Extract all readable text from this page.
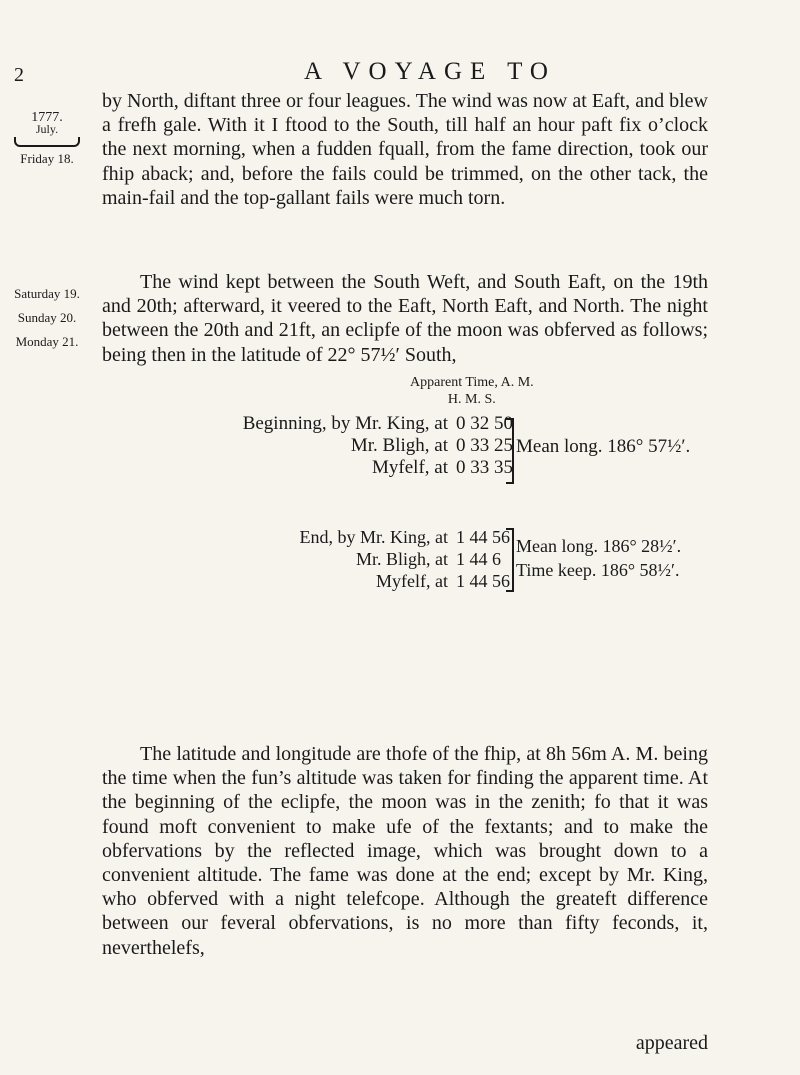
2	A VOYAGE TO
1777.
July.
Friday 18.
Saturday 19.
Sunday 20.
Monday 21.

by North, diftant three or four leagues. The wind was now at Eaft, and blew a frefh gale. With it I ftood to the South, till half an hour paft fix o’clock the next morning, when a fudden fquall, from the fame direction, took our fhip aback; and, before the fails could be trimmed, on the other tack, the main-fail and the top-gallant fails were much torn.

The wind kept between the South Weft, and South Eaft, on the 19th and 20th; afterward, it veered to the Eaft, North Eaft, and North. The night between the 20th and 21ft, an eclipfe of the moon was obferved as follows; being then in the latitude of 22° 57½′ South,

Apparent Time, A. M.
H. M. S.
Beginning, by Mr. King, at 0 32 50
Mr. Bligh, at 0 33 25
Myfelf, at 0 33 35
Mean long. 186° 57½′.
End, by Mr. King, at 1 44 56
Mr. Bligh, at 1 44 6
Myfelf, at 1 44 56
Mean long. 186° 28½′.
Time keep. 186° 58½′.

The latitude and longitude are thofe of the fhip, at 8h 56m A. M. being the time when the fun’s altitude was taken for finding the apparent time. At the beginning of the eclipfe, the moon was in the zenith; fo that it was found moft convenient to make ufe of the fextants; and to make the obfervations by the reflected image, which was brought down to a convenient altitude. The fame was done at the end; except by Mr. King, who obferved with a night telefcope. Although the greateft difference between our feveral obfervations, is no more than fifty feconds, it, neverthelefs,

appeared
